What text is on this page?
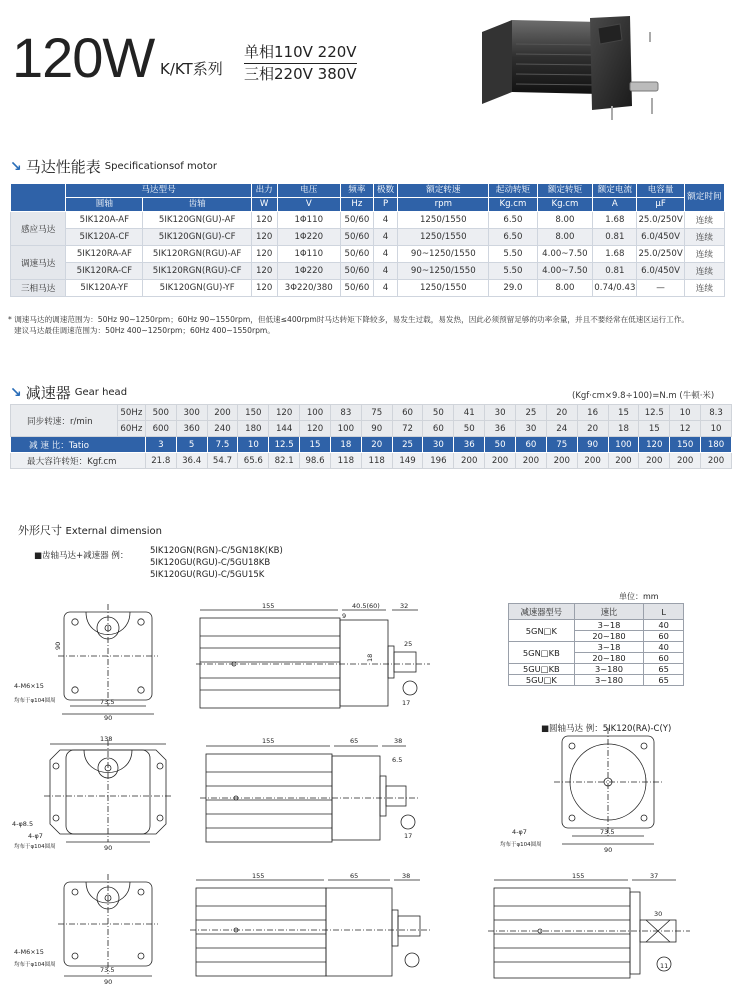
120W K/KT系列
单相110V 220V
三相220V 380V
↘ 马达性能表 Specificationsof motor
	马达型号		出力	电压	频率	极数	额定转速	起动转矩	额定转矩	额定电流	电容量	额定时间
	圆轴	齿轴	W	V	Hz	P	rpm	Kg.cm	Kg.cm	A	μF	
感应马达	5IK120A-AF	5IK120GN(GU)-AF	120	1Φ110	50/60	4	1250/1550	6.50	8.00	1.68	25.0/250V	连续
	5IK120A-CF	5IK120GN(GU)-CF	120	1Φ220	50/60	4	1250/1550	6.50	8.00	0.81	6.0/450V	连续
调速马达	5IK120RA-AF	5IK120RGN(RGU)-AF	120	1Φ110	50/60	4	90~1250/1550	5.50	4.00~7.50	1.68	25.0/250V	连续
	5IK120RA-CF	5IK120RGN(RGU)-CF	120	1Φ220	50/60	4	90~1250/1550	5.50	4.00~7.50	0.81	6.0/450V	连续
三相马达	5IK120A-YF	5IK120GN(GU)-YF	120	3Φ220/380	50/60	4	1250/1550	29.0	8.00	0.74/0.43	—	连续
* 调速马达的调速范围为：50Hz 90~1250rpm；60Hz 90~1550rpm，但低速≤400rpm时马达转矩下降较多，易发生过载，易发热，因此必须预留足够的功率余量，并且不要经常在低速区运行工作。
建议马达最佳调速范围为：50Hz 400~1250rpm；60Hz 400~1550rpm。
↘ 减速器 Gear head	(Kgf·cm×9.8÷100)=N.m (牛顿·米)
同步转速：r/min	50Hz	500	300	200	150	120	100	83	75	60	50	41	30	25	20	16	15	12.5	10	8.3
	60Hz	600	360	240	180	144	120	100	90	72	60	50	36	30	24	20	18	15	12	10
减 速 比：Tatio		3	5	7.5	10	12.5	15	18	20	25	30	36	50	60	75	90	100	120	150	180
最大容许转矩：Kgf.cm		21.8	36.4	54.7	65.6	82.1	98.6	118	118	149	196	200	200	200	200	200	200	200	200	200
外形尺寸 External dimension
■齿轴马达+减速器 例：	5IK120GN(RGN)-C/5GN18K(KB)
5IK120GU(RGU)-C/5GU18KB
5IK120GU(RGU)-C/5GU15K
单位：mm
减速器型号	速比	L
5GN□K	3~18	40
	20~180	60
5GN□KB	3~18	40
	20~180	60
5GU□KB	3~180	65
5GU□K	3~180	65
■圆轴马达 例：5IK120(RA)-C(Y)
73.5
90
90
4-M6×15
均布于φ104圆周
155	40.5(60)	32
9
18
25
17
138
90
4-φ8.5
4-φ7
均布于φ104圆周
155	65	38
6.5
17	73.5
90
4-φ7
均布于φ104圆周
73.5
90
4-M6×15
均布于φ104圆周
155	65	38	155	37
30
11
